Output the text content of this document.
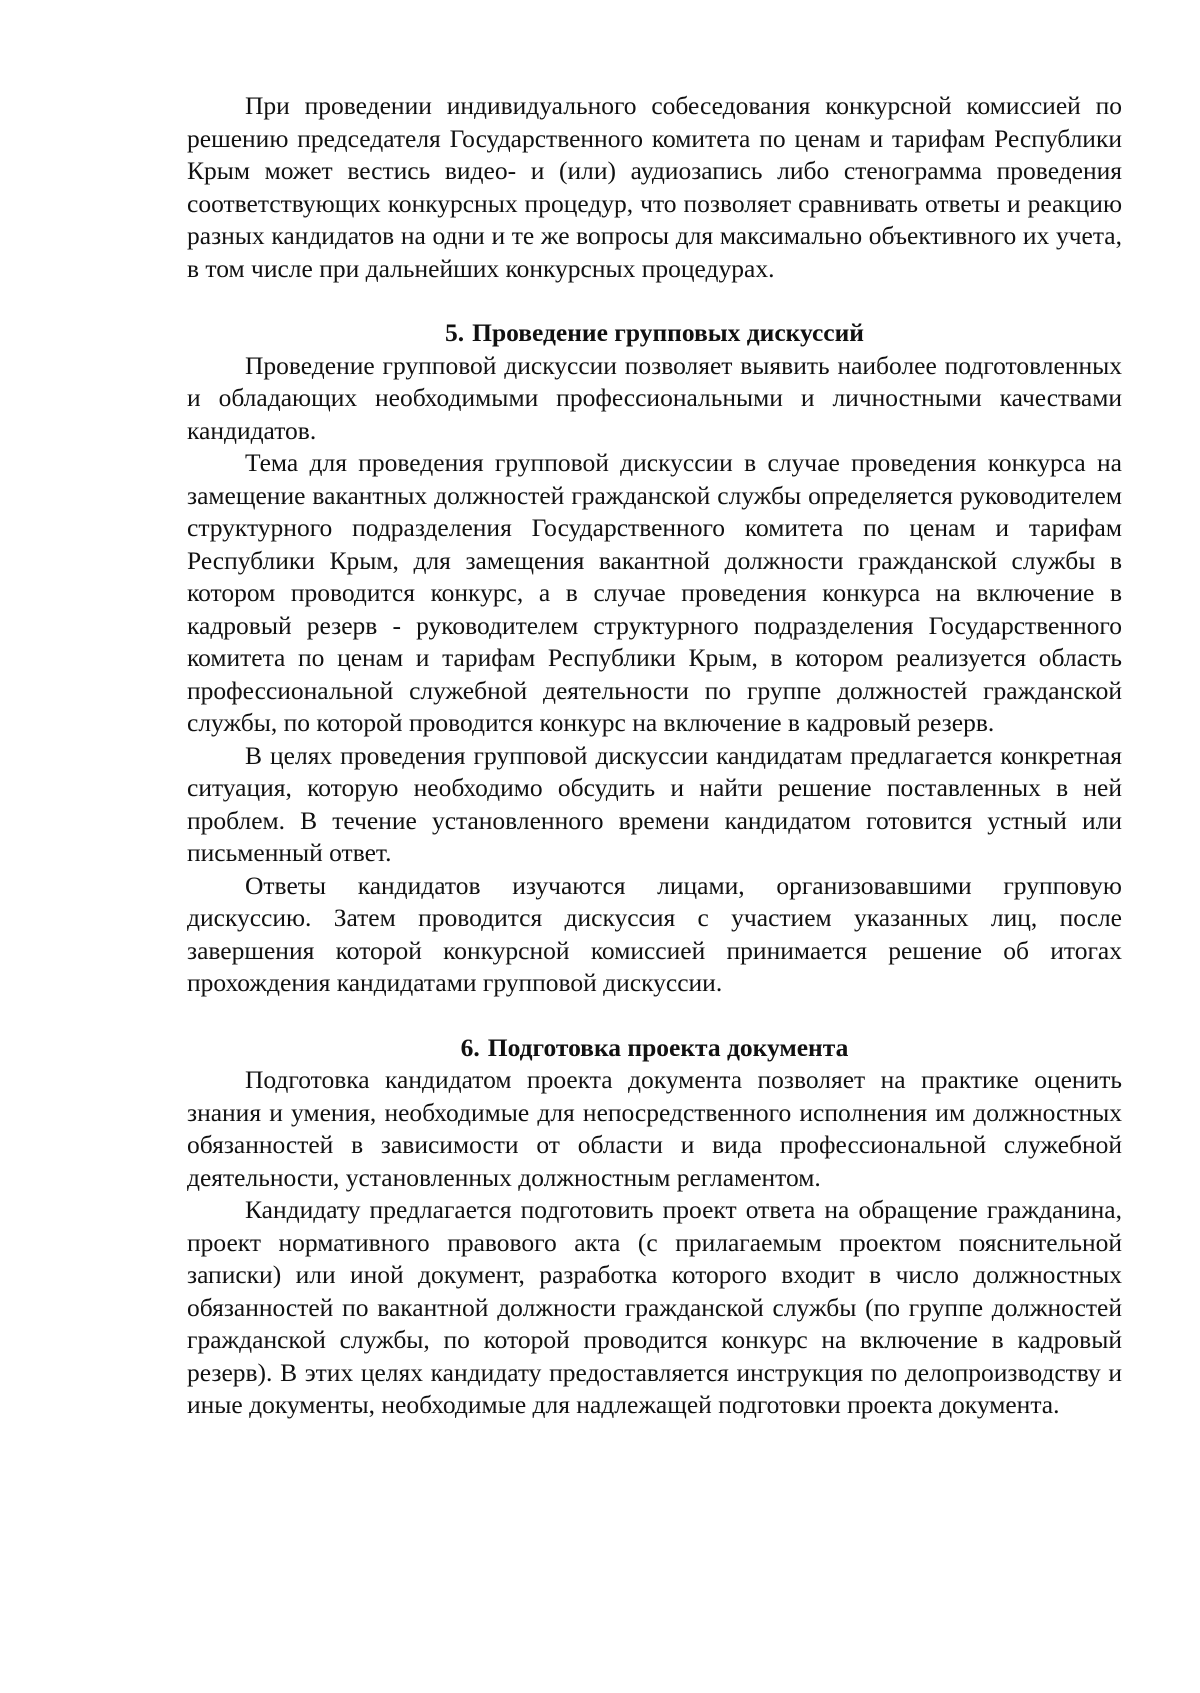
При проведении индивидуального собеседования конкурсной комиссией по решению председателя Государственного комитета по ценам и тарифам Республики Крым может вестись видео- и (или) аудиозапись либо стенограмма проведения соответствующих конкурсных процедур, что позволяет сравнивать ответы и реакцию разных кандидатов на одни и те же вопросы для максимально объективного их учета, в том числе при дальнейших конкурсных процедурах.

5. Проведение групповых дискуссий

Проведение групповой дискуссии позволяет выявить наиболее подготовленных и обладающих необходимыми профессиональными и личностными качествами кандидатов.

Тема для проведения групповой дискуссии в случае проведения конкурса на замещение вакантных должностей гражданской службы определяется руководителем структурного подразделения Государственного комитета по ценам и тарифам Республики Крым, для замещения вакантной должности гражданской службы в котором проводится конкурс, а в случае проведения конкурса на включение в кадровый резерв - руководителем структурного подразделения Государственного комитета по ценам и тарифам Республики Крым, в котором реализуется область профессиональной служебной деятельности по группе должностей гражданской службы, по которой проводится конкурс на включение в кадровый резерв.

В целях проведения групповой дискуссии кандидатам предлагается конкретная ситуация, которую необходимо обсудить и найти решение поставленных в ней проблем. В течение установленного времени кандидатом готовится устный или письменный ответ.

Ответы кандидатов изучаются лицами, организовавшими групповую дискуссию. Затем проводится дискуссия с участием указанных лиц, после завершения которой конкурсной комиссией принимается решение об итогах прохождения кандидатами групповой дискуссии.

6. Подготовка проекта документа

Подготовка кандидатом проекта документа позволяет на практике оценить знания и умения, необходимые для непосредственного исполнения им должностных обязанностей в зависимости от области и вида профессиональной служебной деятельности, установленных должностным регламентом.

Кандидату предлагается подготовить проект ответа на обращение гражданина, проект нормативного правового акта (с прилагаемым проектом пояснительной записки) или иной документ, разработка которого входит в число должностных обязанностей по вакантной должности гражданской службы (по группе должностей гражданской службы, по которой проводится конкурс на включение в кадровый резерв). В этих целях кандидату предоставляется инструкция по делопроизводству и иные документы, необходимые для надлежащей подготовки проекта документа.
